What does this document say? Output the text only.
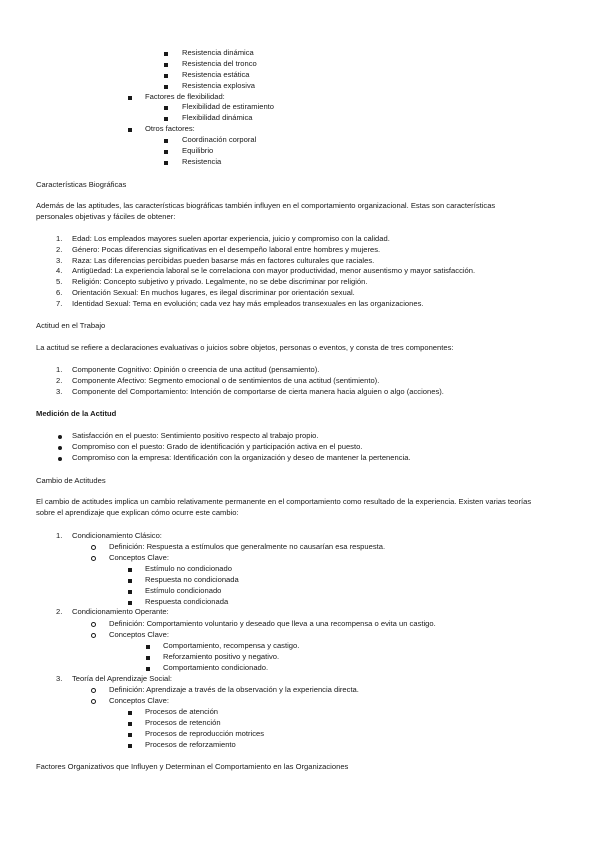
Resistencia dinámica
Resistencia del tronco
Resistencia estática
Resistencia explosiva
Factores de flexibilidad:
Flexibilidad de estiramiento
Flexibilidad dinámica
Otros factores:
Coordinación corporal
Equilibrio
Resistencia
Características Biográficas
Además de las aptitudes, las características biográficas también influyen en el comportamiento organizacional. Estas son características
personales objetivas y fáciles de obtener:
1. Edad: Los empleados mayores suelen aportar experiencia, juicio y compromiso con la calidad.
2. Género: Pocas diferencias significativas en el desempeño laboral entre hombres y mujeres.
3. Raza: Las diferencias percibidas pueden basarse más en factores culturales que raciales.
4. Antigüedad: La experiencia laboral se le correlaciona con mayor productividad, menor ausentismo y mayor satisfacción.
5. Religión: Concepto subjetivo y privado. Legalmente, no se debe discriminar por religión.
6. Orientación Sexual: En muchos lugares, es ilegal discriminar por orientación sexual.
7. Identidad Sexual: Tema en evolución; cada vez hay más empleados transexuales en las organizaciones.
Actitud en el Trabajo
La actitud se refiere a declaraciones evaluativas o juicios sobre objetos, personas o eventos, y consta de tres componentes:
1. Componente Cognitivo: Opinión o creencia de una actitud (pensamiento).
2. Componente Afectivo: Segmento emocional o de sentimientos de una actitud (sentimiento).
3. Componente del Comportamiento: Intención de comportarse de cierta manera hacia alguien o algo (acciones).
Medición de la Actitud
Satisfacción en el puesto: Sentimiento positivo respecto al trabajo propio.
Compromiso con el puesto: Grado de identificación y participación activa en el puesto.
Compromiso con la empresa: Identificación con la organización y deseo de mantener la pertenencia.
Cambio de Actitudes
El cambio de actitudes implica un cambio relativamente permanente en el comportamiento como resultado de la experiencia. Existen varias teorías
sobre el aprendizaje que explican cómo ocurre este cambio:
1. Condicionamiento Clásico:
Definición: Respuesta a estímulos que generalmente no causarían esa respuesta.
Conceptos Clave:
Estímulo no condicionado
Respuesta no condicionada
Estímulo condicionado
Respuesta condicionada
2. Condicionamiento Operante:
Definición: Comportamiento voluntario y deseado que lleva a una recompensa o evita un castigo.
Conceptos Clave:
Comportamiento, recompensa y castigo.
Reforzamiento positivo y negativo.
Comportamiento condicionado.
3. Teoría del Aprendizaje Social:
Definición: Aprendizaje a través de la observación y la experiencia directa.
Conceptos Clave:
Procesos de atención
Procesos de retención
Procesos de reproducción motrices
Procesos de reforzamiento
Factores Organizativos que Influyen y Determinan el Comportamiento en las Organizaciones
